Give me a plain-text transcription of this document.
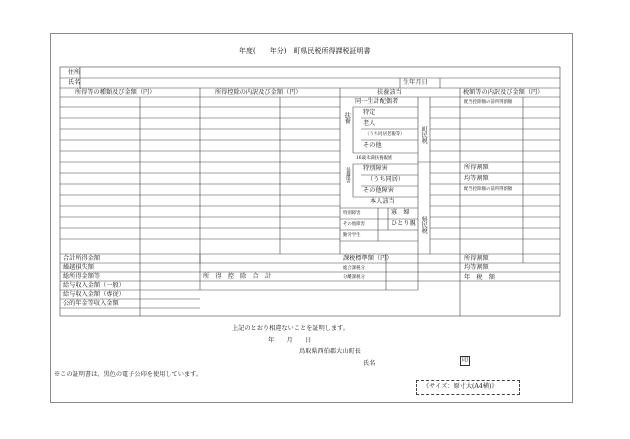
年度(　　年分)　町県民税所得課税証明書
住所
氏名	生年月日
所得等の種類及び金額（円）	所得控除の内訳及び金額（円）	扶養該当	税額等の内訳及び金額（円）
同一生計配偶者
扶養 特定
老人
（うち同居老親等）
その他
16歳未満扶養親族
扶養障害 特別障害
（うち同居）
その他障害
本人該当
特別障害
その他障害
勤労学生
寡　婦
ひとり親
町民税
県民税
配当控除額の前所得割額
所得割額
均等割額
配当控除額の前所得割額
所得割額
均等割額
年　税　額
合計所得金額
繰越損失額
総所得金額等	所　得　控　除　合　計
課税標準額（円）
総合課税分
分離課税分
給与収入金額（一般）
給与収入金額（専従）
公的年金等収入金額
上記のとおり相違ないことを証明します。
年　　月　　日
鳥取県西伯郡大山町長
氏名	印
※この証明書は、黒色の電子公印を使用しています。
《サイズ：原寸大(A4横)》
